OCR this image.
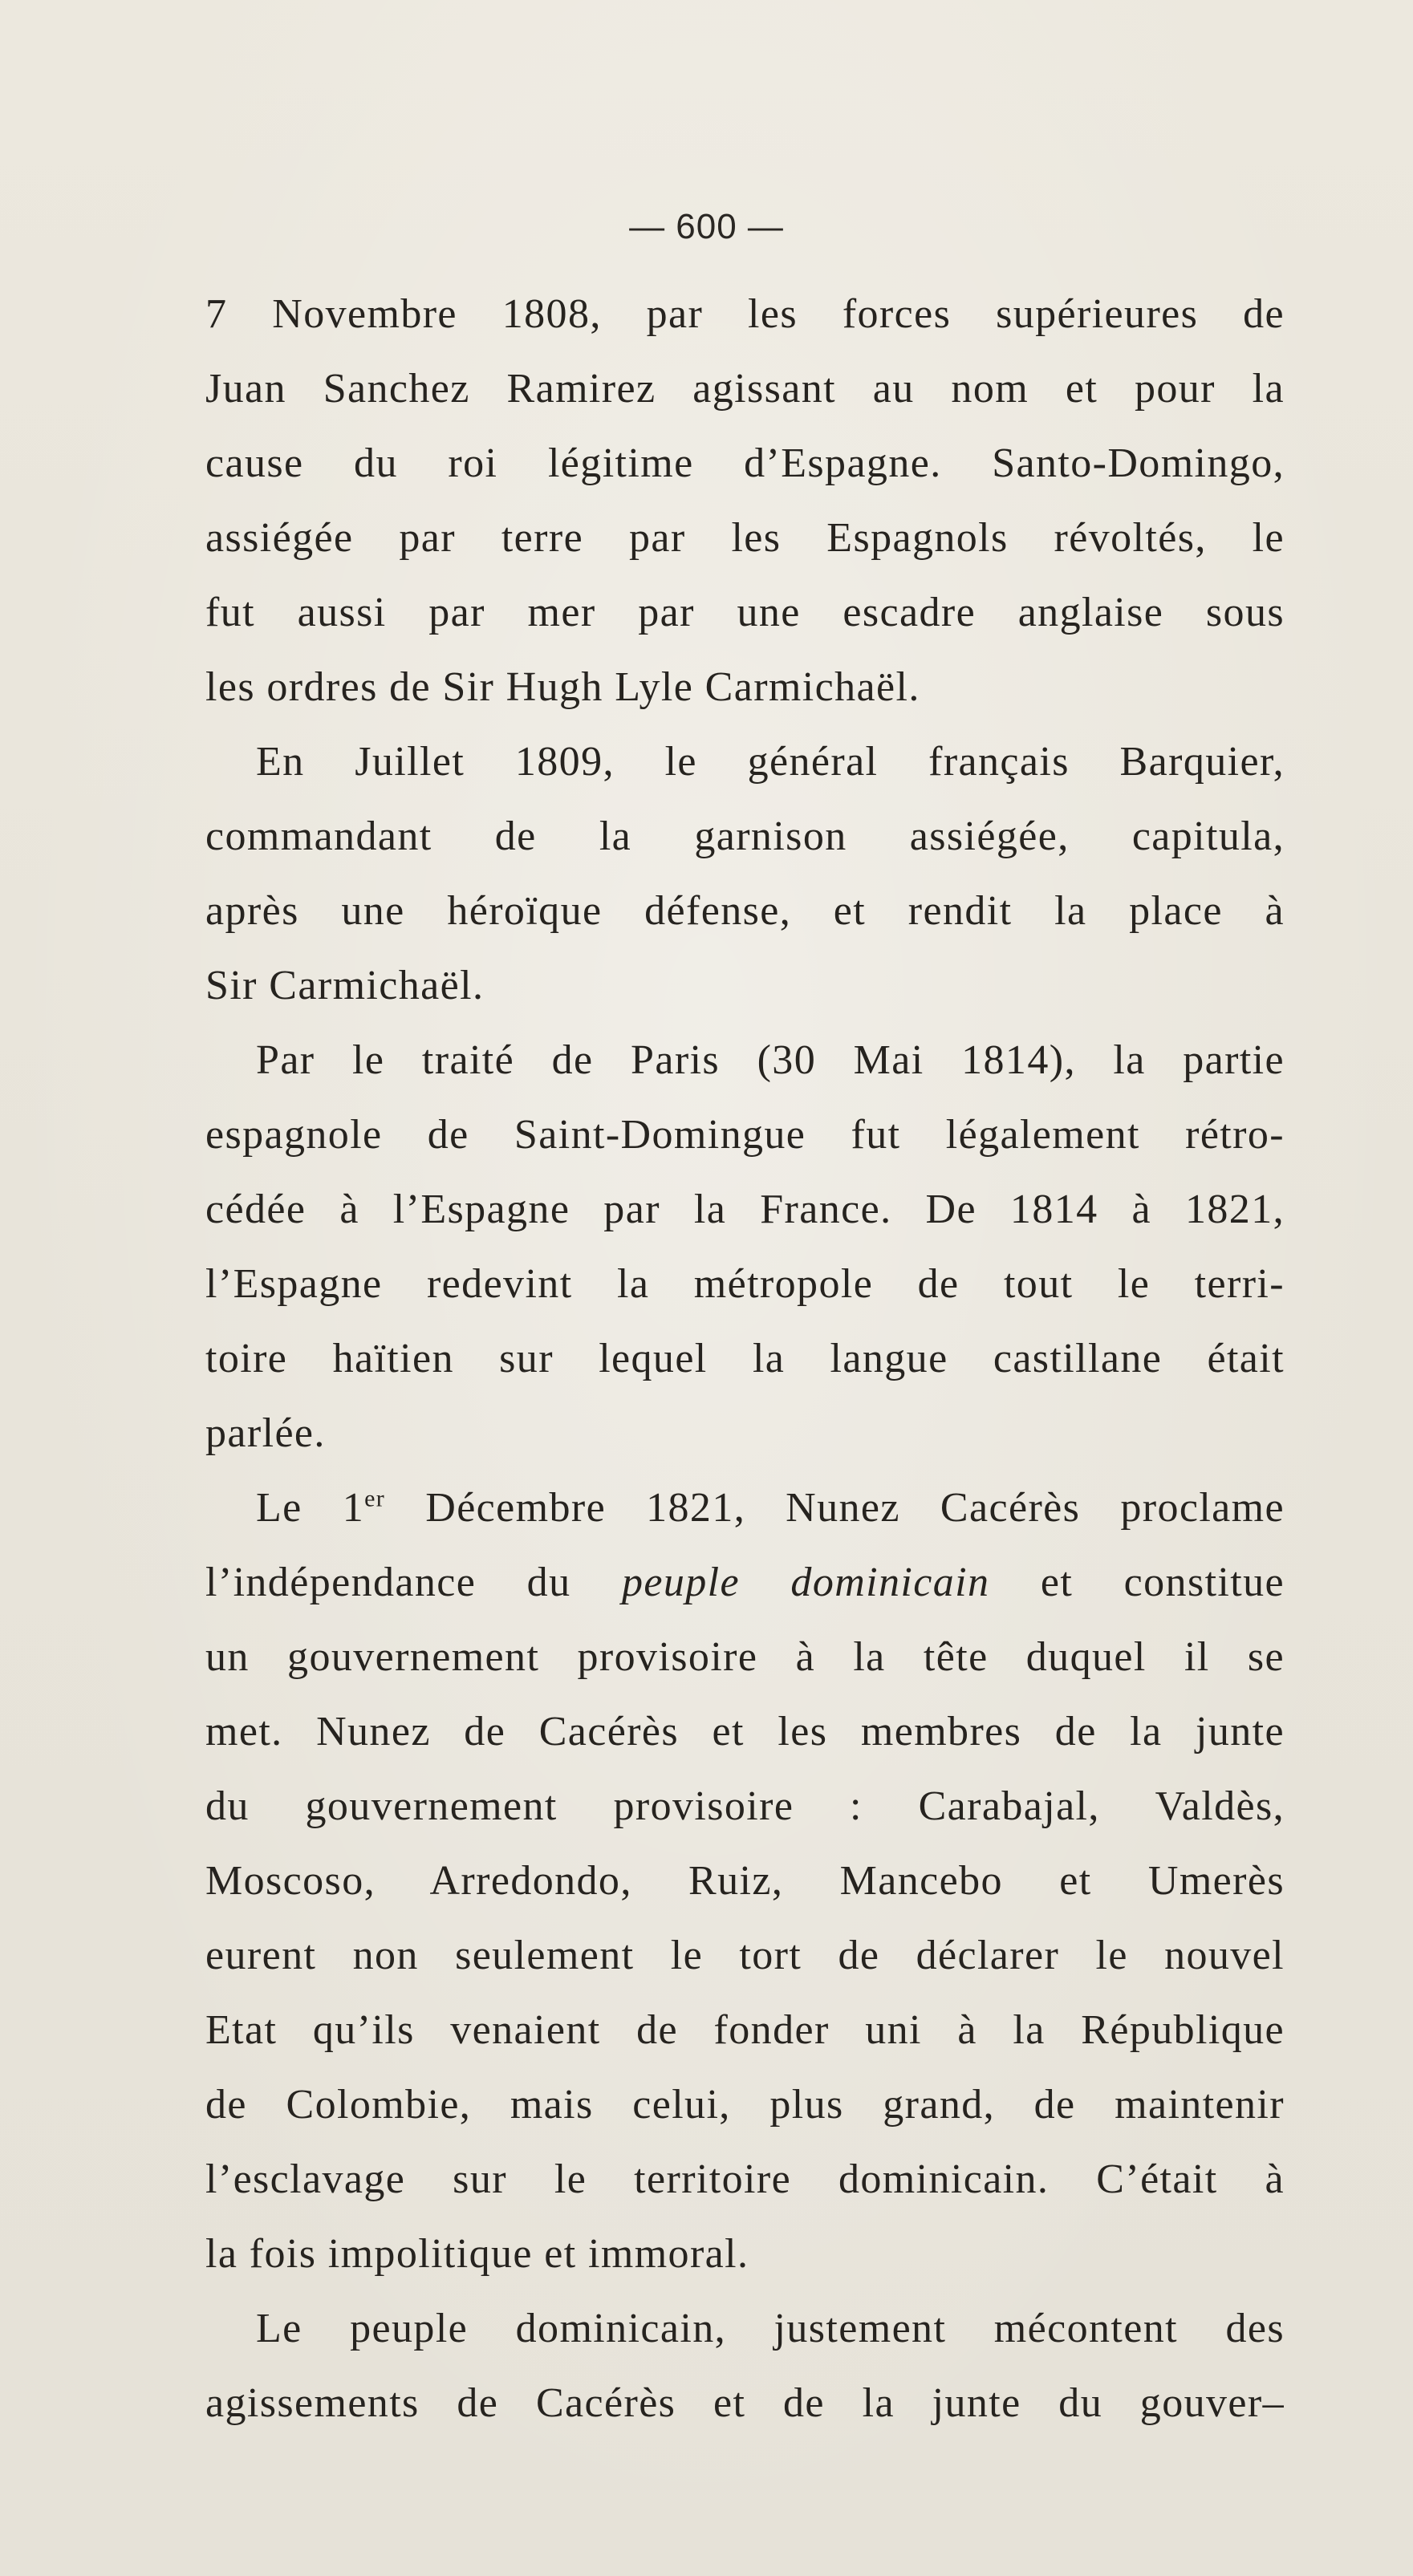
— 600 —
7 Novembre 1808, par les forces supérieures de
Juan Sanchez Ramirez agissant au nom et pour la
cause du roi légitime d’Espagne. Santo-Domingo,
assiégée par terre par les Espagnols révoltés, le
fut aussi par mer par une escadre anglaise sous
les ordres de Sir Hugh Lyle Carmichaël.
En Juillet 1809, le général français Barquier,
commandant de la garnison assiégée, capitula,
après une héroïque défense, et rendit la place à
Sir Carmichaël.
Par le traité de Paris (30 Mai 1814), la partie
espagnole de Saint-Domingue fut légalement rétro-
cédée à l’Espagne par la France. De 1814 à 1821,
l’Espagne redevint la métropole de tout le terri-
toire haïtien sur lequel la langue castillane était
parlée.
Le 1er Décembre 1821, Nunez Cacérès proclame
l’indépendance du peuple dominicain et constitue
un gouvernement provisoire à la tête duquel il se
met. Nunez de Cacérès et les membres de la junte
du gouvernement provisoire : Carabajal, Valdès,
Moscoso, Arredondo, Ruiz, Mancebo et Umerès
eurent non seulement le tort de déclarer le nouvel
Etat qu’ils venaient de fonder uni à la République
de Colombie, mais celui, plus grand, de maintenir
l’esclavage sur le territoire dominicain. C’était à
la fois impolitique et immoral.
Le peuple dominicain, justement mécontent des
agissements de Cacérès et de la junte du gouver–
